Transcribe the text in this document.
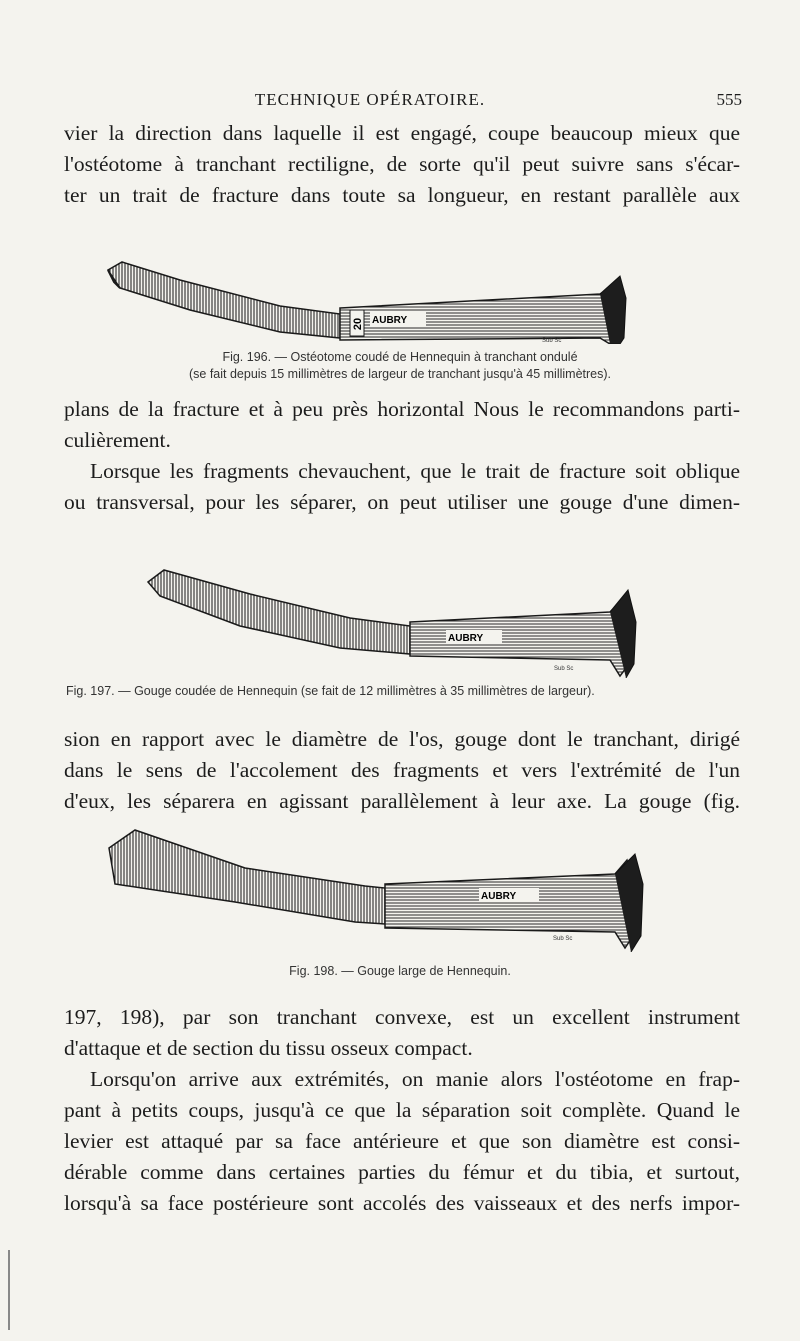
TECHNIQUE OPÉRATOIRE.	555
vier la direction dans laquelle il est engagé, coupe beaucoup mieux que
l'ostéotome à tranchant rectiligne, de sorte qu'il peut suivre sans s'écar-
ter un trait de fracture dans toute sa longueur, en restant parallèle aux
20 AUBRY
Sub Sc
Fig. 196. — Ostéotome coudé de Hennequin à tranchant ondulé
(se fait depuis 15 millimètres de largeur de tranchant jusqu'à 45 millimètres).
plans de la fracture et à peu près horizontal Nous le recommandons parti-
culièrement.
Lorsque les fragments chevauchent, que le trait de fracture soit oblique
ou transversal, pour les séparer, on peut utiliser une gouge d'une dimen-
AUBRY
Sub Sc
Fig. 197. — Gouge coudée de Hennequin (se fait de 12 millimètres à 35 millimètres de largeur).
sion en rapport avec le diamètre de l'os, gouge dont le tranchant, dirigé
dans le sens de l'accolement des fragments et vers l'extrémité de l'un
d'eux, les séparera en agissant parallèlement à leur axe. La gouge (fig.
AUBRY
Sub Sc
Fig. 198. — Gouge large de Hennequin.
197, 198), par son tranchant convexe, est un excellent instrument
d'attaque et de section du tissu osseux compact.
Lorsqu'on arrive aux extrémités, on manie alors l'ostéotome en frap-
pant à petits coups, jusqu'à ce que la séparation soit complète. Quand le
levier est attaqué par sa face antérieure et que son diamètre est consi-
dérable comme dans certaines parties du fémur et du tibia, et surtout,
lorsqu'à sa face postérieure sont accolés des vaisseaux et des nerfs impor-
